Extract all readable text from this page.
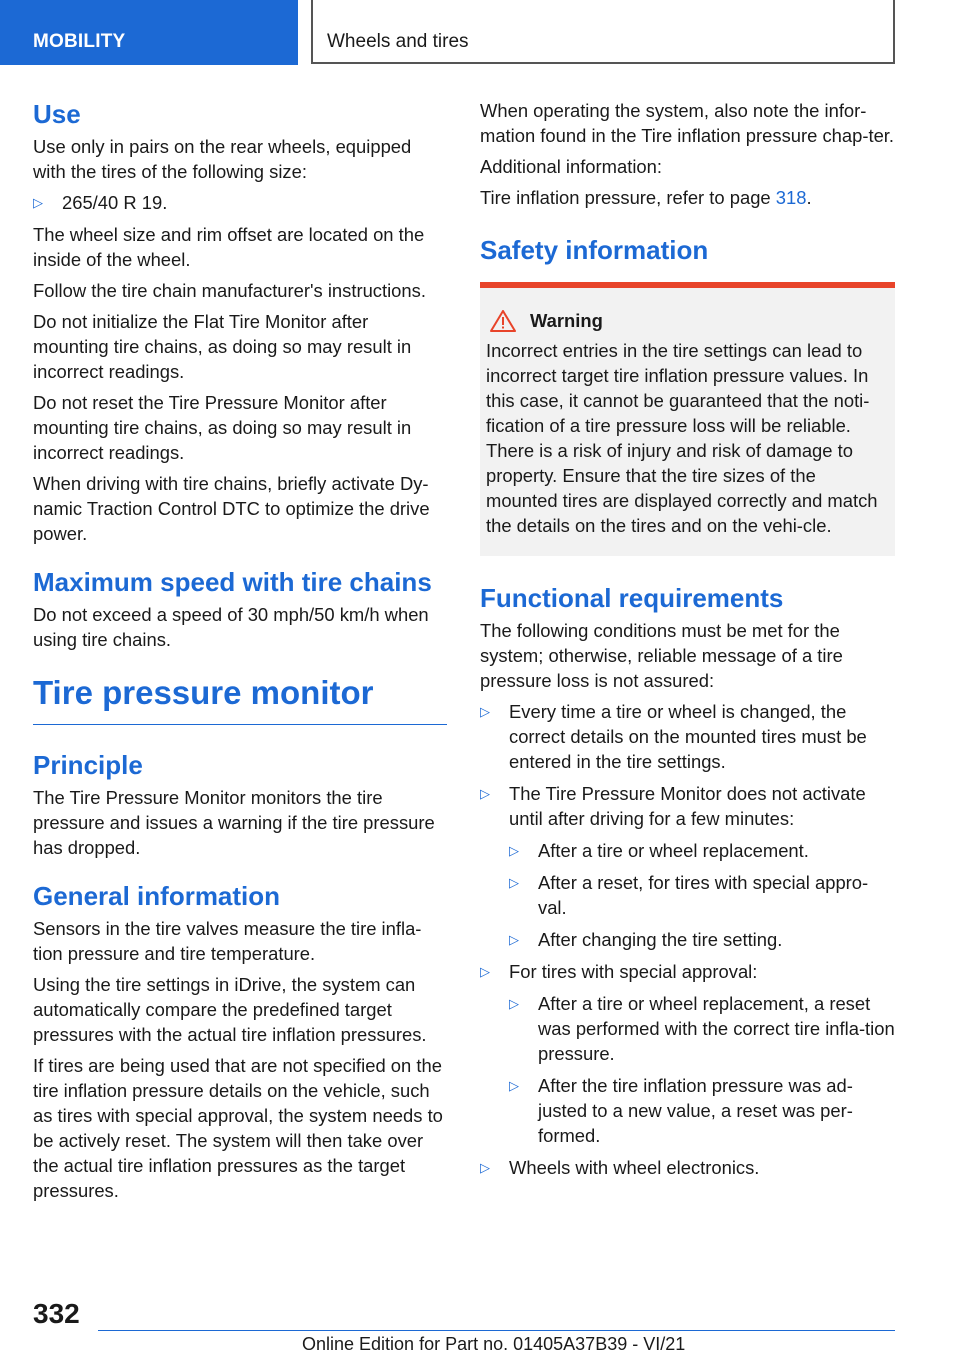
MOBILITY	Wheels and tires
Use

Use only in pairs on the rear wheels, equipped with the tires of the following size:

▷ 265/40 R 19.

The wheel size and rim offset are located on the inside of the wheel.

Follow the tire chain manufacturer's instructions.

Do not initialize the Flat Tire Monitor after mounting tire chains, as doing so may result in incorrect readings.

Do not reset the Tire Pressure Monitor after mounting tire chains, as doing so may result in incorrect readings.

When driving with tire chains, briefly activate Dy‐namic Traction Control DTC to optimize the drive power.

Maximum speed with tire chains

Do not exceed a speed of 30 mph/50 km/h when using tire chains.

Tire pressure monitor
Principle

The Tire Pressure Monitor monitors the tire pressure and issues a warning if the tire pressure has dropped.

General information

Sensors in the tire valves measure the tire infla‐tion pressure and tire temperature.

Using the tire settings in iDrive, the system can automatically compare the predefined target pressures with the actual tire inflation pressures.

If tires are being used that are not specified on the tire inflation pressure details on the vehicle, such as tires with special approval, the system needs to be actively reset. The system will then take over the actual tire inflation pressures as the target pressures.

When operating the system, also note the infor‐mation found in the Tire inflation pressure chap‐ter.

Additional information:

Tire inflation pressure, refer to page 318.

Safety information
Warning

Incorrect entries in the tire settings can lead to incorrect target tire inflation pressure values. In this case, it cannot be guaranteed that the noti‐fication of a tire pressure loss will be reliable. There is a risk of injury and risk of damage to property. Ensure that the tire sizes of the mounted tires are displayed correctly and match the details on the tires and on the vehi‐cle.

Functional requirements

The following conditions must be met for the system; otherwise, reliable message of a tire pressure loss is not assured:

▷ Every time a tire or wheel is changed, the correct details on the mounted tires must be entered in the tire settings.
▷ The Tire Pressure Monitor does not activate until after driving for a few minutes:
▷ After a tire or wheel replacement.
▷ After a reset, for tires with special appro‐val.
▷ After changing the tire setting.
▷ For tires with special approval:
▷ After a tire or wheel replacement, a reset was performed with the correct tire infla‐tion pressure.
▷ After the tire inflation pressure was ad‐justed to a new value, a reset was per‐formed.
▷ Wheels with wheel electronics.
332
Online Edition for Part no. 01405A37B39 - VI/21
